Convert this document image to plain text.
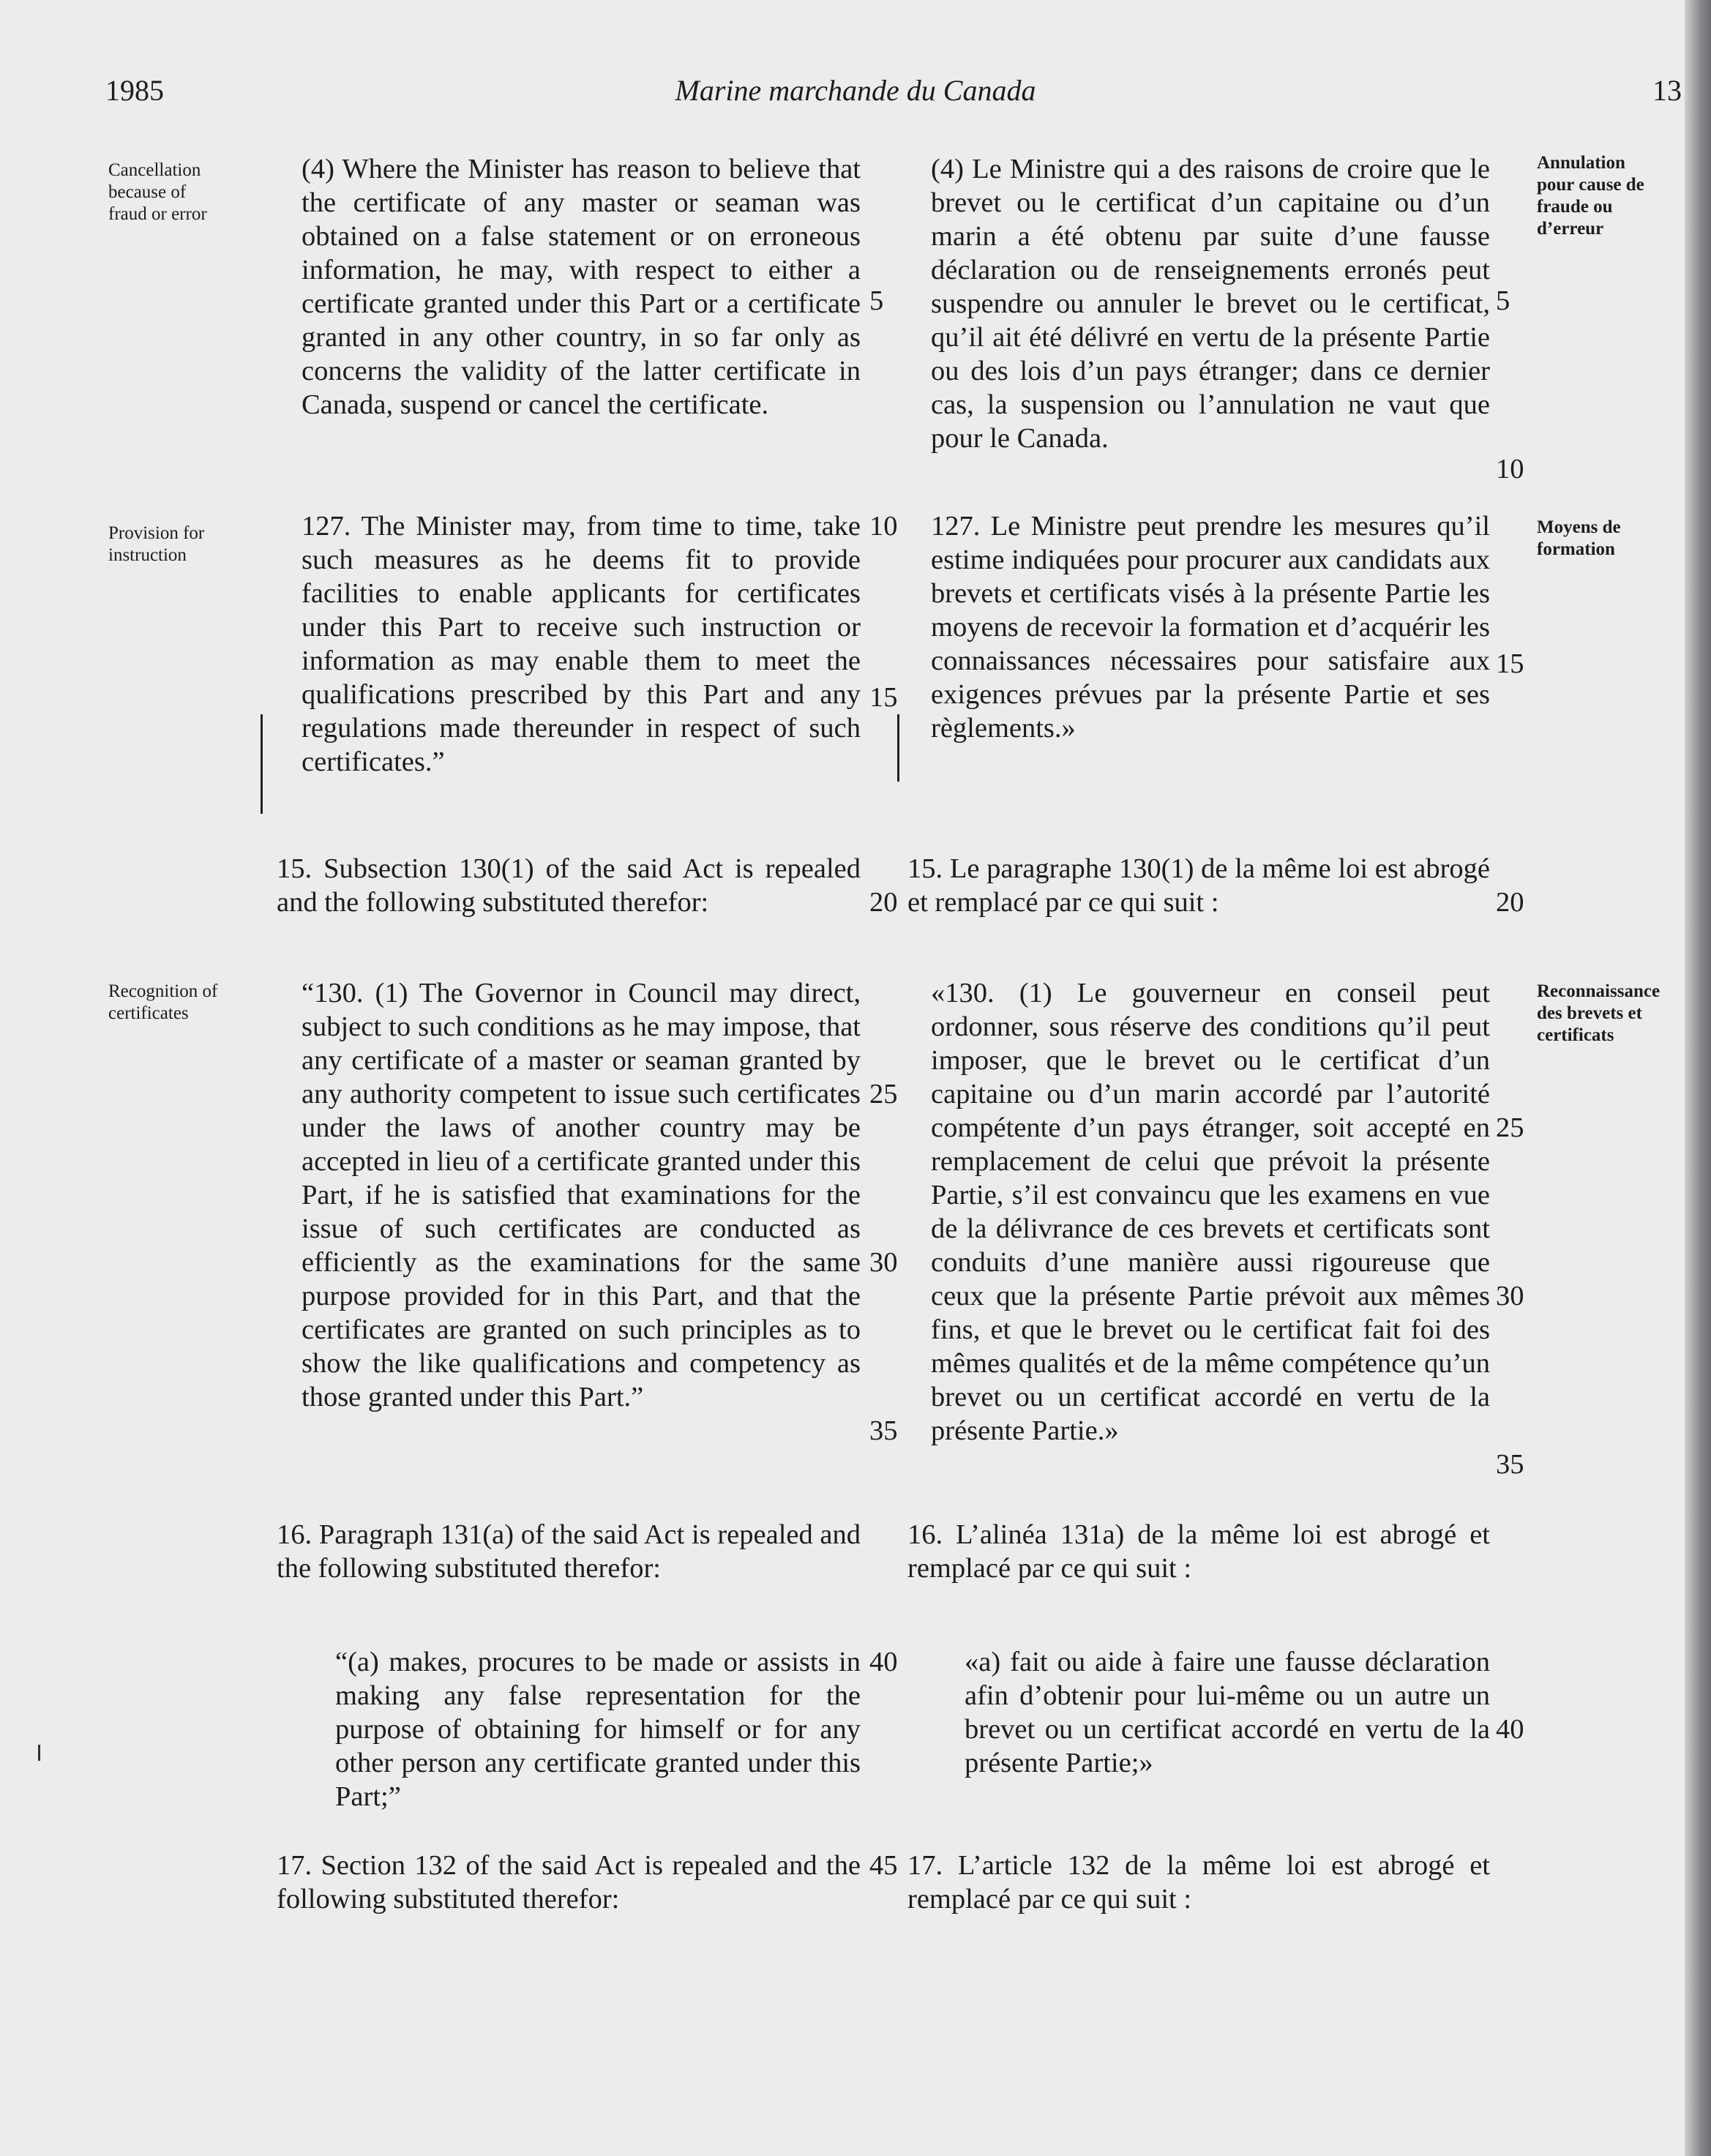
1985	Marine marchande du Canada	13
Cancellation
because of
fraud or error
Provision for
instruction
Recognition of
certificates
Annulation
pour cause de
fraude ou
d’erreur
Moyens de
formation
Reconnaissance
des brevets et
certificats
(4) Where the Minister has reason to believe that the certificate of any master or seaman was obtained on a false statement or on erroneous information, he may, with respect to either a certificate granted under this Part or a certificate granted in any other country, in so far only as concerns the validity of the latter certificate in Canada, suspend or cancel the certificate.
127. The Minister may, from time to time, take such measures as he deems fit to provide facilities to enable applicants for certificates under this Part to receive such instruction or information as may enable them to meet the qualifications prescribed by this Part and any regulations made thereunder in respect of such certificates.”
15. Subsection 130(1) of the said Act is repealed and the following substituted therefor:
“130. (1) The Governor in Council may direct, subject to such conditions as he may impose, that any certificate of a master or seaman granted by any authority competent to issue such certificates under the laws of another country may be accepted in lieu of a certificate granted under this Part, if he is satisfied that examinations for the issue of such certificates are conducted as efficiently as the examinations for the same purpose provided for in this Part, and that the certificates are granted on such principles as to show the like qualifications and competency as those granted under this Part.”
16. Paragraph 131(a) of the said Act is repealed and the following substituted therefor:
“(a) makes, procures to be made or assists in making any false representation for the purpose of obtaining for himself or for any other person any certificate granted under this Part;”
17. Section 132 of the said Act is repealed and the following substituted therefor:
(4) Le Ministre qui a des raisons de croire que le brevet ou le certificat d’un capitaine ou d’un marin a été obtenu par suite d’une fausse déclaration ou de renseignements erronés peut suspendre ou annuler le brevet ou le certificat, qu’il ait été délivré en vertu de la présente Partie ou des lois d’un pays étranger; dans ce dernier cas, la suspension ou l’annulation ne vaut que pour le Canada.
127. Le Ministre peut prendre les mesures qu’il estime indiquées pour procurer aux candidats aux brevets et certificats visés à la présente Partie les moyens de recevoir la formation et d’acquérir les connaissances nécessaires pour satisfaire aux exigences prévues par la présente Partie et ses règlements.»
15. Le paragraphe 130(1) de la même loi est abrogé et remplacé par ce qui suit :
«130. (1) Le gouverneur en conseil peut ordonner, sous réserve des conditions qu’il peut imposer, que le brevet ou le certificat d’un capitaine ou d’un marin accordé par l’autorité compétente d’un pays étranger, soit accepté en remplacement de celui que prévoit la présente Partie, s’il est convaincu que les examens en vue de la délivrance de ces brevets et certificats sont conduits d’une manière aussi rigoureuse que ceux que la présente Partie prévoit aux mêmes fins, et que le brevet ou le certificat fait foi des mêmes qualités et de la même compétence qu’un brevet ou un certificat accordé en vertu de la présente Partie.»
16. L’alinéa 131a) de la même loi est abrogé et remplacé par ce qui suit :
«a) fait ou aide à faire une fausse déclaration afin d’obtenir pour lui-même ou un autre un brevet ou un certificat accordé en vertu de la présente Partie;»
17. L’article 132 de la même loi est abrogé et remplacé par ce qui suit :
5
10
15
20
25
30
35
40
45
5
10
15
20
25
30
35
40
